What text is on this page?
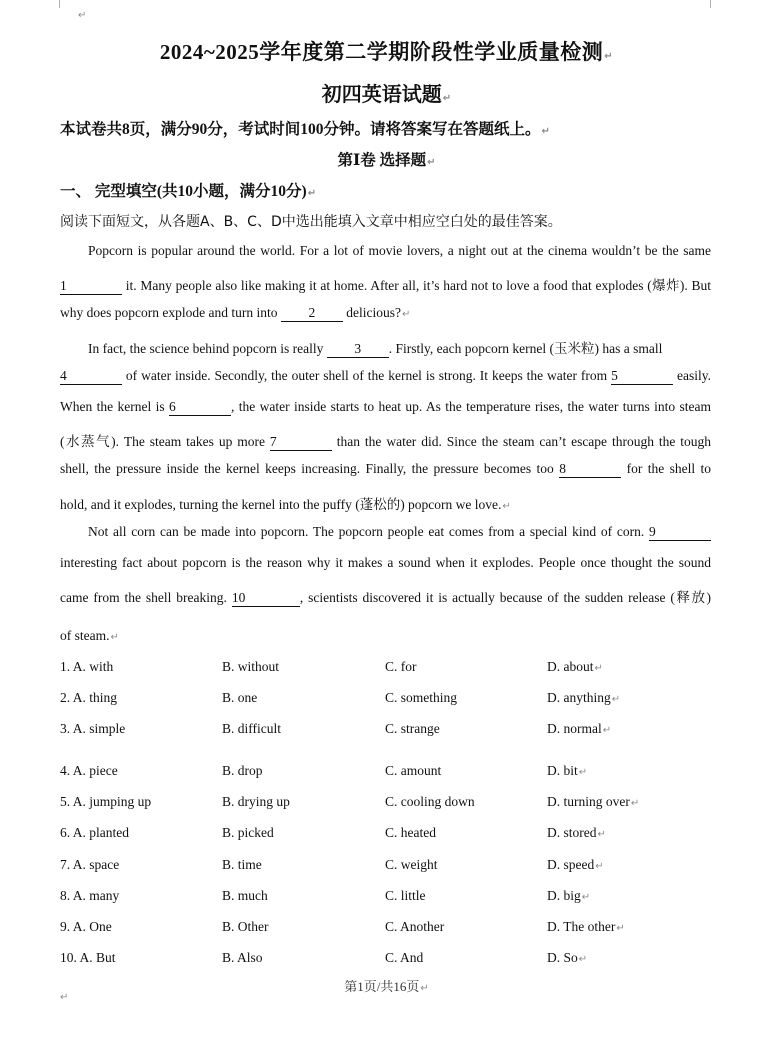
↵
2024~2025学年度第二学期阶段性学业质量检测↵
初四英语试题↵
本试卷共8页，满分90分，考试时间100分钟。请将答案写在答题纸上。↵
第Ⅰ卷 选择题↵
一、 完型填空(共10小题，满分10分)↵
阅读下面短文，从各题A、B、C、D中选出能填入文章中相应空白处的最佳答案。
Popcorn is popular around the world. For a lot of movie lovers, a night out at the cinema wouldn’t be the same
1	it. Many people also like making it at home. After all, it’s hard not to love a food that explodes (爆炸). But
why does popcorn explode and turn into 2 delicious?↵
In fact, the science behind popcorn is really 3 . Firstly, each popcorn kernel (玉米粒) has a small
4	of water inside. Secondly, the outer shell of the kernel is strong. It keeps the water from 5	easily.
When the kernel is 6	, the water inside starts to heat up. As the temperature rises, the water turns into steam
(水蒸气). The steam takes up more 7	than the water did. Since the steam can’t escape through the tough
shell, the pressure inside the kernel keeps increasing. Finally, the pressure becomes too 8	for the shell to
hold, and it explodes, turning the kernel into the puffy (蓬松的) popcorn we love.↵
Not all corn can be made into popcorn. The popcorn people eat comes from a special kind of corn. 9
interesting fact about popcorn is the reason why it makes a sound when it explodes. People once thought the sound
came from the shell breaking. 10	, scientists discovered it is actually because of the sudden release (释放)
of steam.↵
1. A. with	B. without	C. for	D. about↵
2. A. thing	B. one	C. something	D. anything↵
3. A. simple	B. difficult	C. strange	D. normal↵
4. A. piece	B. drop	C. amount	D. bit↵
5. A. jumping up	B. drying up	C. cooling down	D. turning over↵
6. A. planted	B. picked	C. heated	D. stored↵
7. A. space	B. time	C. weight	D. speed↵
8. A. many	B. much	C. little	D. big↵
9. A. One	B. Other	C. Another	D. The other↵
10. A. But	B. Also	C. And	D. So↵
第1页/共16页↵
↵
